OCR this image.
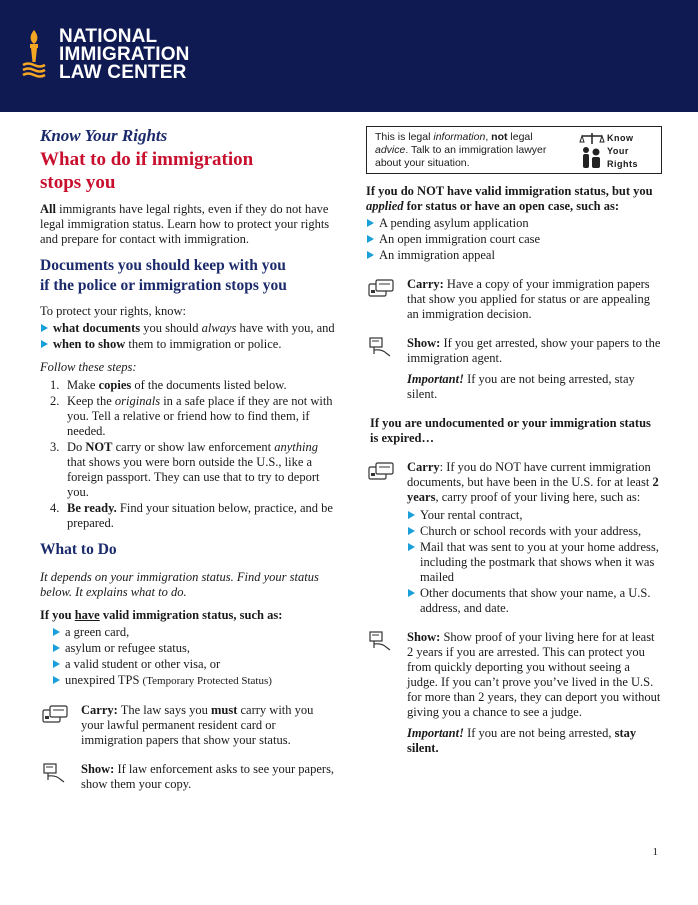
NATIONAL
IMMIGRATION
LAW CENTER
Know Your Rights
What to do if immigration
stops you
All immigrants have legal rights, even if they do not have legal immigration status. Learn how to protect your rights and prepare for contact with immigration.
Documents you should keep with you
if the police or immigration stops you
To protect your rights, know:
what documents you should always have with you, and
when to show them to immigration or police.
Follow these steps:
1. Make copies of the documents listed below.
2. Keep the originals in a safe place if they are not with you. Tell a relative or friend how to find them, if needed.
3. Do NOT carry or show law enforcement anything that shows you were born outside the U.S., like a foreign passport. They can use that to try to deport you.
4. Be ready. Find your situation below, practice, and be prepared.
What to Do
It depends on your immigration status. Find your status below. It explains what to do.
If you have valid immigration status, such as:
a green card,
asylum or refugee status,
a valid student or other visa, or
unexpired TPS (Temporary Protected Status)
Carry: The law says you must carry with you your lawful permanent resident card or immigration papers that show your status.
Show: If law enforcement asks to see your papers, show them your copy.
This is legal information, not legal advice. Talk to an immigration lawyer about your situation.
Know
Your
Rights
If you do NOT have valid immigration status, but you applied for status or have an open case, such as:
A pending asylum application
An open immigration court case
An immigration appeal
Carry: Have a copy of your immigration papers that show you applied for status or are appealing an immigration decision.
Show: If you get arrested, show your papers to the immigration agent.
Important! If you are not being arrested, stay silent.
If you are undocumented or your immigration status is expired…
Carry: If you do NOT have current immigration documents, but have been in the U.S. for at least 2 years, carry proof of your living here, such as:
Your rental contract,
Church or school records with your address,
Mail that was sent to you at your home address, including the postmark that shows when it was mailed
Other documents that show your name, a U.S. address, and date.
Show: Show proof of your living here for at least 2 years if you are arrested. This can protect you from quickly deporting you without seeing a judge. If you can’t prove you’ve lived in the U.S. for more than 2 years, they can deport you without giving you a chance to see a judge.
Important! If you are not being arrested, stay silent.
1
